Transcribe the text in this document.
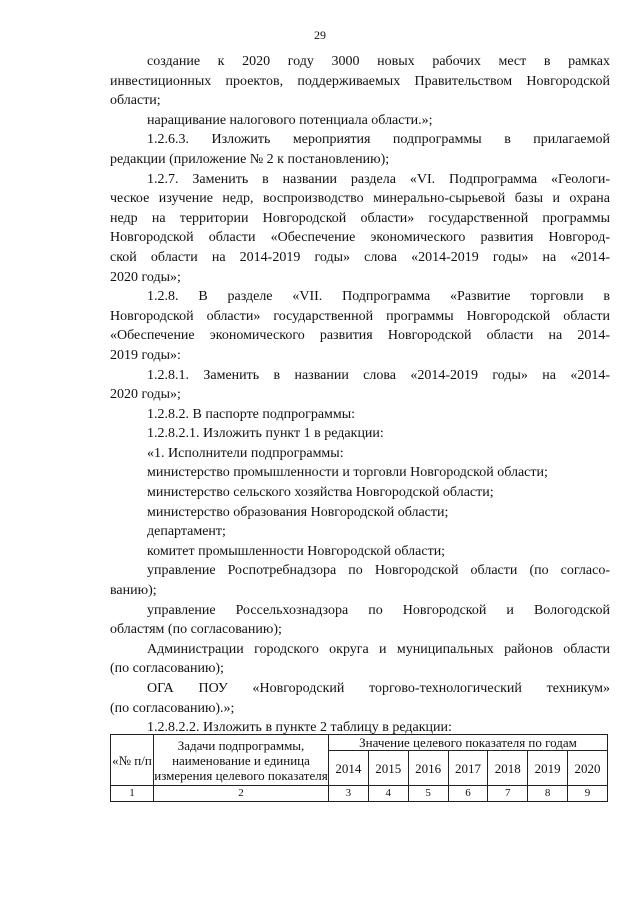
29

создание к 2020 году 3000 новых рабочих мест в рамках

инвестиционных проектов, поддерживаемых Правительством Новгородской

области;

наращивание налогового потенциала области.»;

1.2.6.3. Изложить мероприятия подпрограммы в прилагаемой

редакции (приложение № 2 к постановлению);

1.2.7. Заменить в названии раздела «VI. Подпрограмма «Геологи-

ческое изучение недр, воспроизводство минерально-сырьевой базы и охрана

недр на территории Новгородской области» государственной программы

Новгородской области «Обеспечение экономического развития Новгород-

ской области на 2014-2019 годы» слова «2014-2019 годы» на «2014-

2020 годы»;

1.2.8. В разделе «VII. Подпрограмма «Развитие торговли в

Новгородской области» государственной программы Новгородской области

«Обеспечение экономического развития Новгородской области на 2014-

2019 годы»:

1.2.8.1. Заменить в названии слова «2014-2019 годы» на «2014-

2020 годы»;

1.2.8.2. В паспорте подпрограммы:

1.2.8.2.1. Изложить пункт 1 в редакции:

«1. Исполнители подпрограммы:

министерство промышленности и торговли Новгородской области;

министерство сельского хозяйства Новгородской области;

министерство образования Новгородской области;

департамент;

комитет промышленности Новгородской области;

управление Роспотребнадзора по Новгородской области (по согласо-

ванию);

управление Россельхознадзора по Новгородской и Вологодской

областям (по согласованию);

Администрации городского округа и муниципальных районов области

(по согласованию);

ОГА ПОУ «Новгородский торгово-технологический техникум»

(по согласованию).»;

1.2.8.2.2. Изложить в пункте 2 таблицу в редакции:

«№ п/п	Задачи подпрограммы, наименование и единица измерения целевого показателя	Значение целевого показателя по годам						
		2014	2015	2016	2017	2018	2019	2020
1	2	3	4	5	6	7	8	9
